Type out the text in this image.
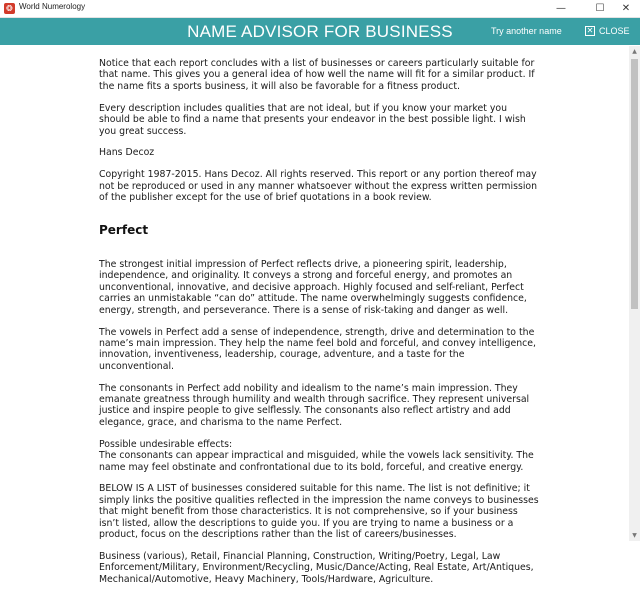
❂ World Numerology	—	☐	✕
NAME ADVISOR FOR BUSINESS	Try another name	✕ CLOSE

Notice that each report concludes with a list of businesses or careers particularly suitable for that name. This gives you a general idea of how well the name will fit for a similar product. If the name fits a sports business, it will also be favorable for a fitness product.

Every description includes qualities that are not ideal, but if you know your market you should be able to find a name that presents your endeavor in the best possible light. I wish you great success.

Hans Decoz

Copyright 1987-2015. Hans Decoz. All rights reserved. This report or any portion thereof may not be reproduced or used in any manner whatsoever without the express written permission of the publisher except for the use of brief quotations in a book review.

Perfect

The strongest initial impression of Perfect reflects drive, a pioneering spirit, leadership, independence, and originality. It conveys a strong and forceful energy, and promotes an unconventional, innovative, and decisive approach. Highly focused and self-reliant, Perfect carries an unmistakable “can do” attitude. The name overwhelmingly suggests confidence, energy, strength, and perseverance. There is a sense of risk-taking and danger as well.

The vowels in Perfect add a sense of independence, strength, drive and determination to the name’s main impression. They help the name feel bold and forceful, and convey intelligence, innovation, inventiveness, leadership, courage, adventure, and a taste for the unconventional.

The consonants in Perfect add nobility and idealism to the name’s main impression. They emanate greatness through humility and wealth through sacrifice. They represent universal justice and inspire people to give selflessly. The consonants also reflect artistry and add elegance, grace, and charisma to the name Perfect.

Possible undesirable effects:
The consonants can appear impractical and misguided, while the vowels lack sensitivity. The name may feel obstinate and confrontational due to its bold, forceful, and creative energy.

BELOW IS A LIST of businesses considered suitable for this name. The list is not definitive; it simply links the positive qualities reflected in the impression the name conveys to businesses that might benefit from those characteristics. It is not comprehensive, so if your business isn’t listed, allow the descriptions to guide you. If you are trying to name a business or a product, focus on the descriptions rather than the list of careers/businesses.

Business (various), Retail, Financial Planning, Construction, Writing/Poetry, Legal, Law Enforcement/Military, Environment/Recycling, Music/Dance/Acting, Real Estate, Art/Antiques, Mechanical/Automotive, Heavy Machinery, Tools/Hardware, Agriculture.

▲
▼
